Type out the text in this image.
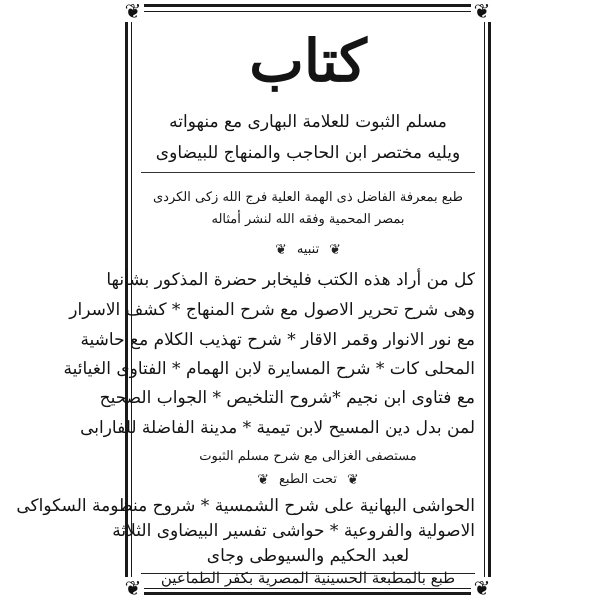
❦	❦
❦	❦
كتاب
مسلم الثبوت للعلامة البهارى مع منهواته
ويليه مختصر ابن الحاجب والمنهاج للبيضاوى
طبع بمعرفة الفاضل ذى الهمة العلية فرج الله زكى الكردى
بمصر المحمية وفقه الله لنشر أمثاله
❦
تنبيه
❦
كل من أراد هذه الكتب فليخابر حضرة المذكور بشأنها
وهى شرح تحرير الاصول مع شرح المنهاج * كشف الاسرار
مع نور الانوار وقمر الاقار * شرح تهذيب الكلام مع حاشية
المحلى كات * شرح المسايرة لابن الهمام * الفتاوى الغيائية
مع فتاوى ابن نجيم *شروح التلخيص * الجواب الصحيح
لمن بدل دين المسيح لابن تيمية * مدينة الفاضلة للفارابى
مستصفى الغزالى مع شرح مسلم الثبوت
❦
تحت الطبع
❦
الحواشى البهانية على شرح الشمسية * شروح منظومة السكواكى
الاصولية والفروعية * حواشى تفسير البيضاوى الثلاثة
لعبد الحكيم والسيوطى وجاى
طبع بالمطبعة الحسينية المصرية بكفر الطماعين
